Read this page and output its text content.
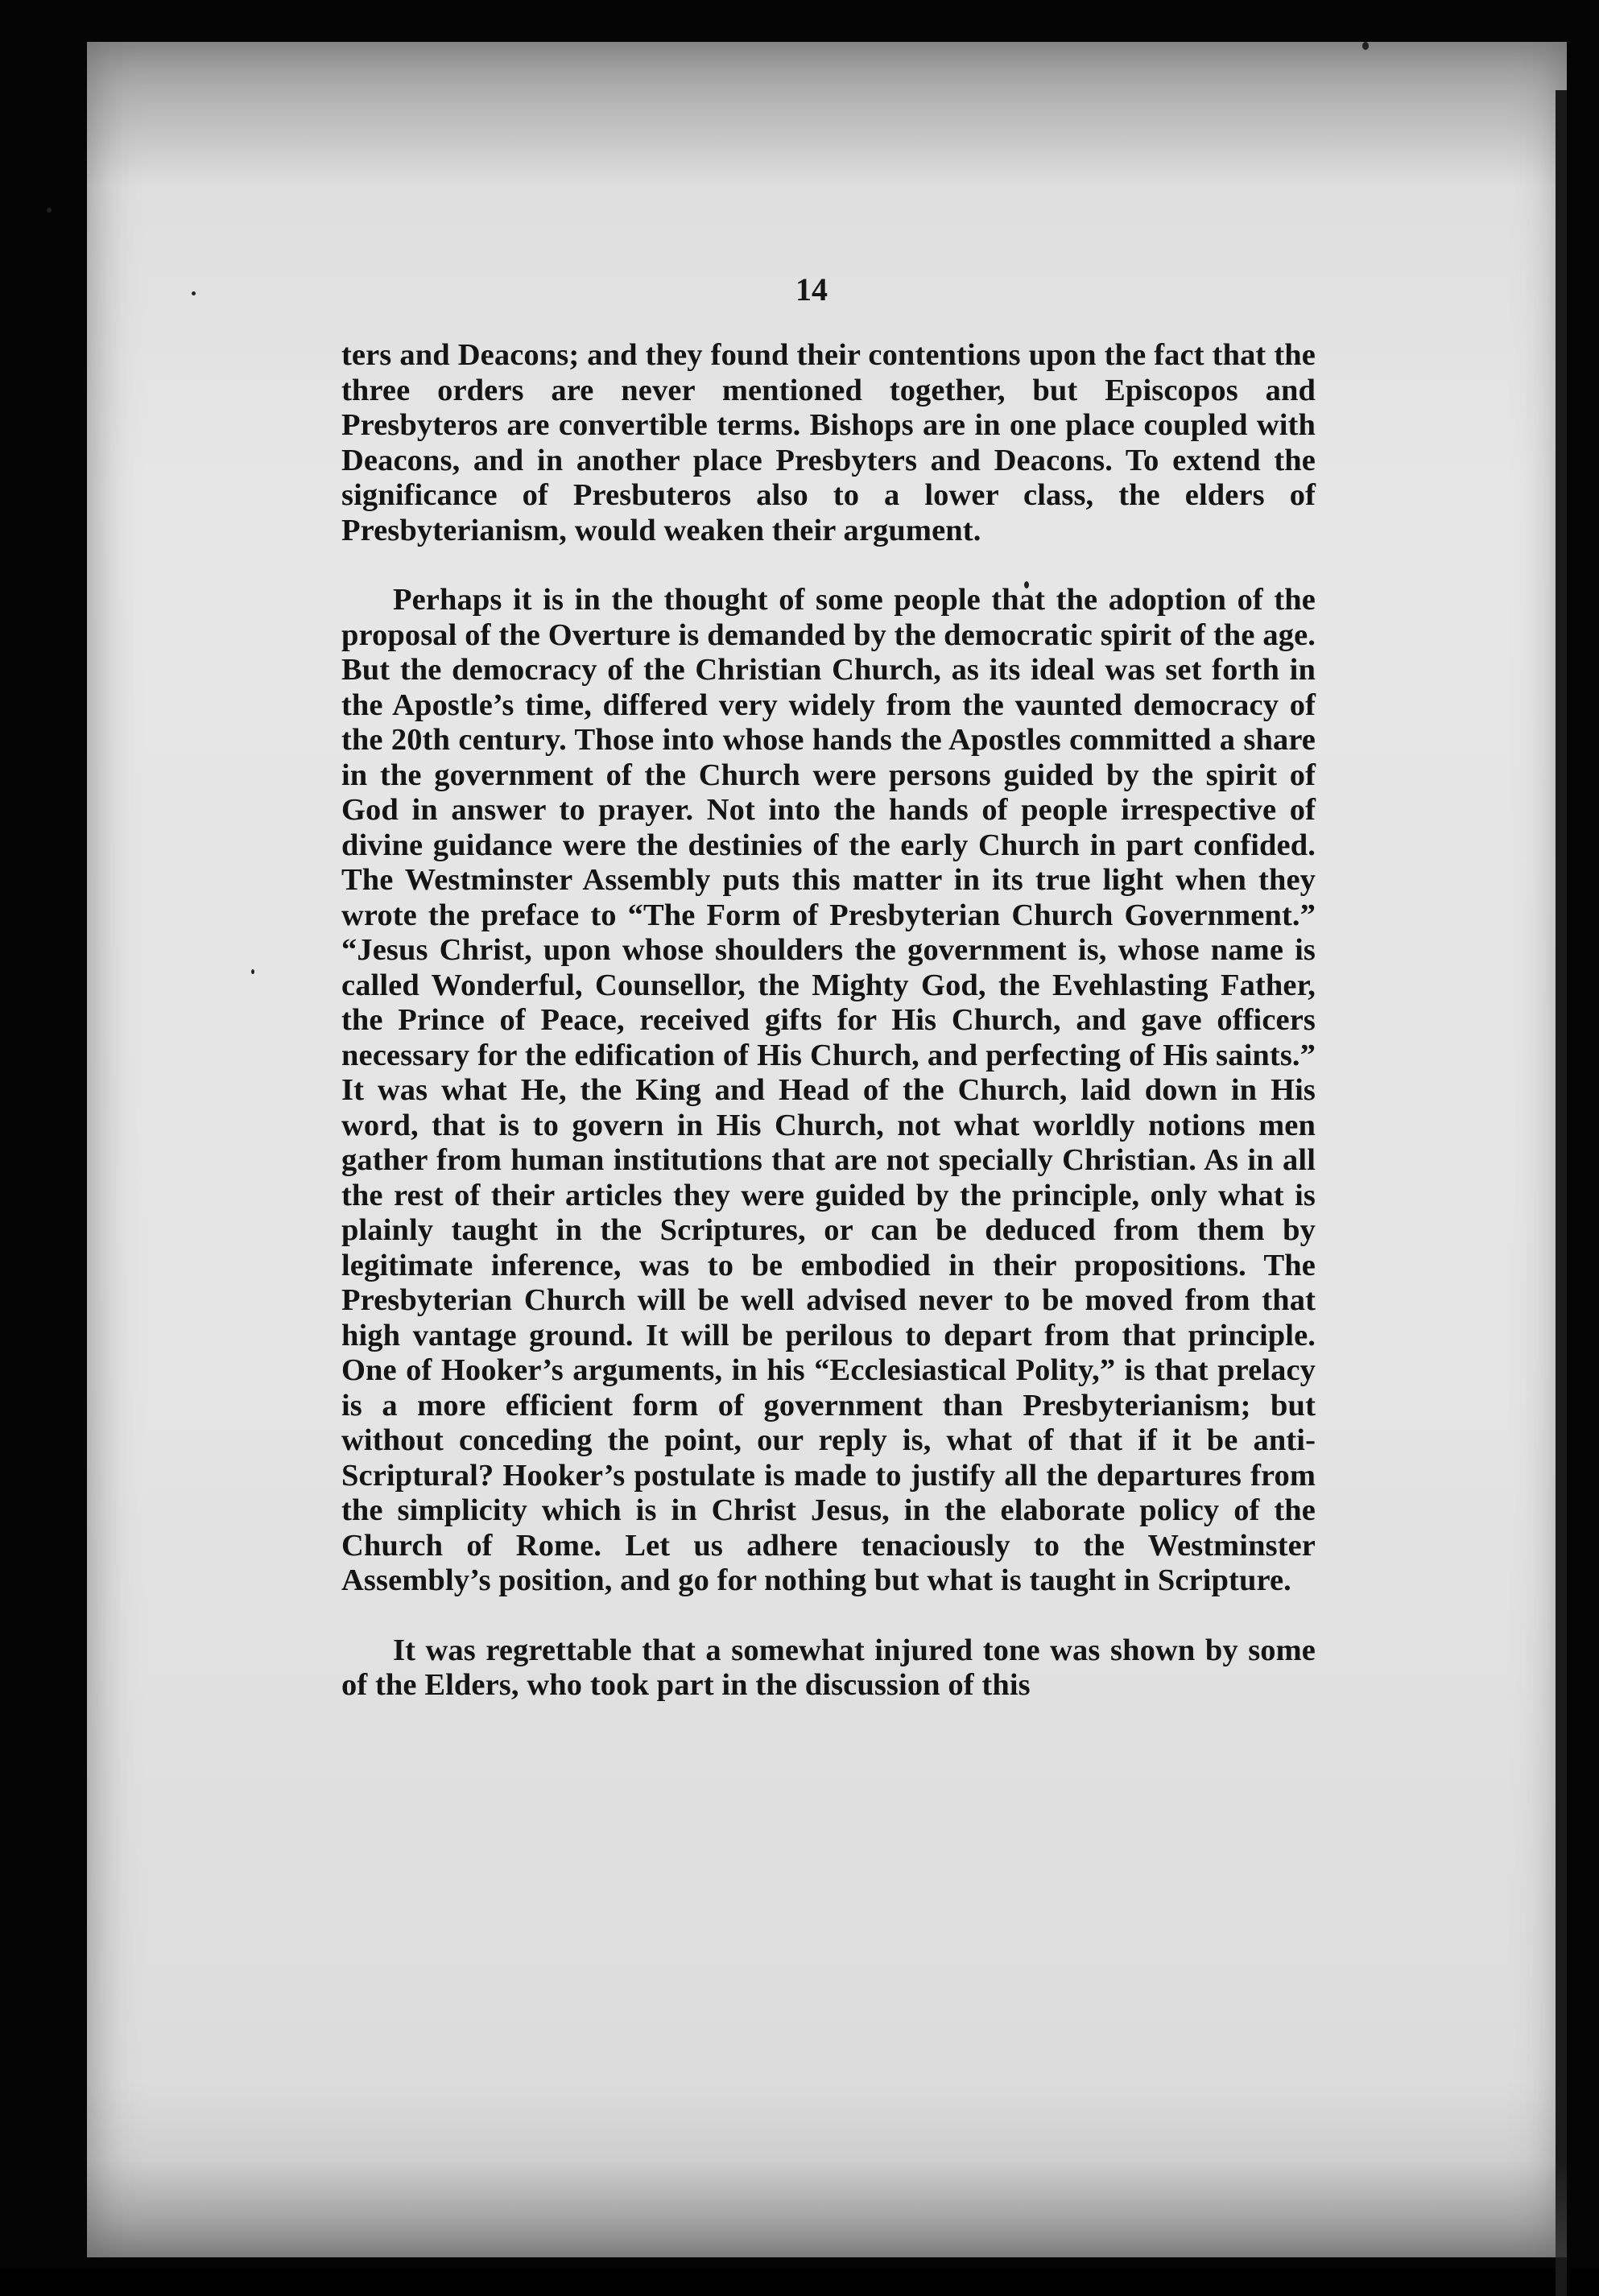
14

ters and Deacons; and they found their contentions upon the fact that the three orders are never mentioned together, but Episcopos and Presbyteros are convertible terms. Bishops are in one place coupled with Deacons, and in another place Presbyters and Deacons. To extend the significance of Presbuteros also to a lower class, the elders of Presbyterianism, would weaken their argument.

Perhaps it is in the thought of some people that the adoption of the proposal of the Overture is demanded by the democratic spirit of the age. But the democracy of the Christian Church, as its ideal was set forth in the Apostle’s time, differed very widely from the vaunted democracy of the 20th century. Those into whose hands the Apostles committed a share in the government of the Church were persons guided by the spirit of God in answer to prayer. Not into the hands of people irrespective of divine guidance were the destinies of the early Church in part confided. The Westminster Assembly puts this matter in its true light when they wrote the preface to “The Form of Presbyterian Church Government.” “Jesus Christ, upon whose shoulders the government is, whose name is called Wonderful, Counsellor, the Mighty God, the Evehlasting Father, the Prince of Peace, received gifts for His Church, and gave officers necessary for the edification of His Church, and perfecting of His saints.” It was what He, the King and Head of the Church, laid down in His word, that is to govern in His Church, not what worldly notions men gather from human institutions that are not specially Christian. As in all the rest of their articles they were guided by the principle, only what is plainly taught in the Scriptures, or can be deduced from them by legitimate inference, was to be embodied in their propositions. The Presbyterian Church will be well advised never to be moved from that high vantage ground. It will be perilous to depart from that principle. One of Hooker’s arguments, in his “Ecclesiastical Polity,” is that prelacy is a more efficient form of government than Presbyterianism; but without conceding the point, our reply is, what of that if it be anti-Scriptural? Hooker’s postulate is made to justify all the departures from the simplicity which is in Christ Jesus, in the elaborate policy of the Church of Rome. Let us adhere tenaciously to the Westminster Assembly’s position, and go for nothing but what is taught in Scripture.

It was regrettable that a somewhat injured tone was shown by some of the Elders, who took part in the discussion of this
